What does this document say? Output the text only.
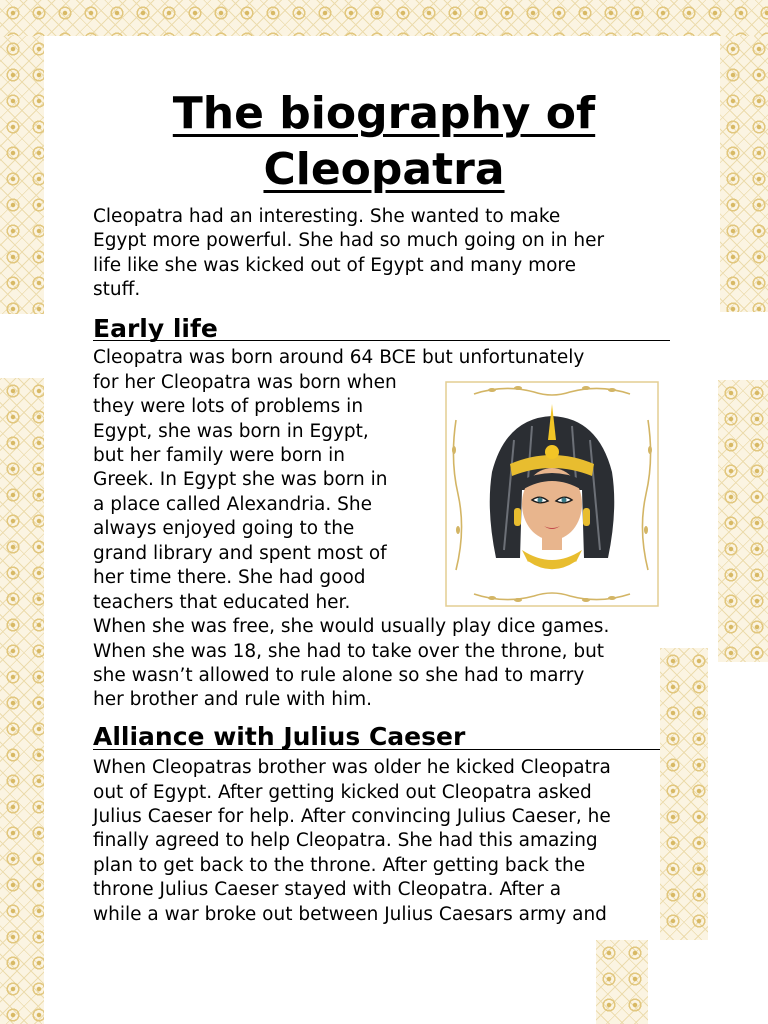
The biography of
Cleopatra

Cleopatra had an interesting. She wanted to make

Egypt more powerful. She had so much going on in her

life like she was kicked out of Egypt and many more

stuff.

Early life

Cleopatra was born around 64 BCE but unfortunately

for her Cleopatra was born when

they were lots of problems in

Egypt, she was born in Egypt,

but her family were born in

Greek. In Egypt she was born in

a place called Alexandria. She

always enjoyed going to the

grand library and spent most of

her time there. She had good

teachers that educated her.

When she was free, she would usually play dice games.

When she was 18, she had to take over the throne, but

she wasn’t allowed to rule alone so she had to marry

her brother and rule with him.

Alliance with Julius Caeser

When Cleopatras brother was older he kicked Cleopatra

out of Egypt. After getting kicked out Cleopatra asked

Julius Caeser for help. After convincing Julius Caeser, he

finally agreed to help Cleopatra. She had this amazing

plan to get back to the throne. After getting back the

throne Julius Caeser stayed with Cleopatra. After a

while a war broke out between Julius Caesars army and
